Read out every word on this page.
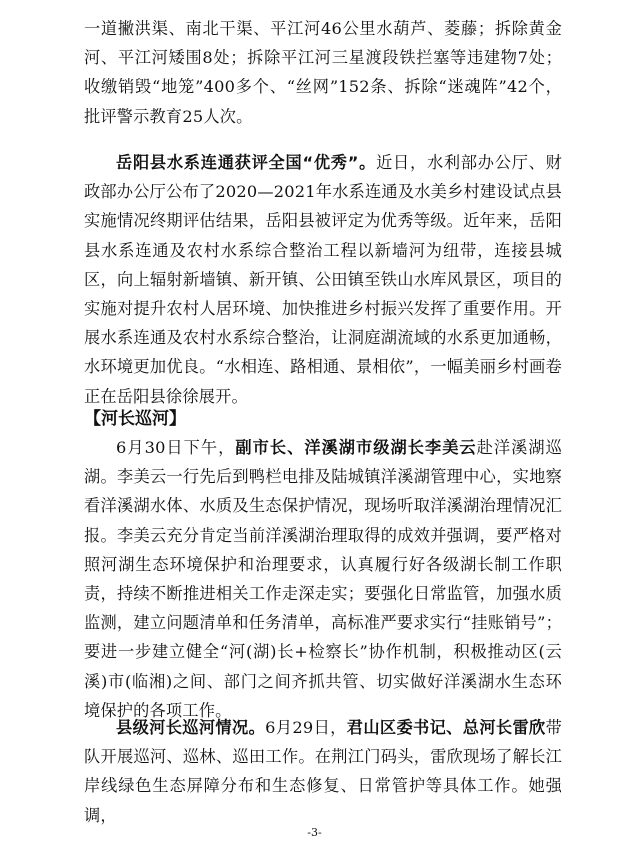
一道撇洪渠、南北干渠、平江河46公里水葫芦、菱藤；拆除黄金河、平江河矮围8处；拆除平江河三星渡段铁拦塞等违建物7处；收缴销毁“地笼”400多个、“丝网”152条、拆除“迷魂阵”42个，批评警示教育25人次。

岳阳县水系连通获评全国“优秀”。近日，水利部办公厅、财政部办公厅公布了2020—2021年水系连通及水美乡村建设试点县实施情况终期评估结果，岳阳县被评定为优秀等级。近年来，岳阳县水系连通及农村水系综合整治工程以新墙河为纽带，连接县城区，向上辐射新墙镇、新开镇、公田镇至铁山水库风景区，项目的实施对提升农村人居环境、加快推进乡村振兴发挥了重要作用。开展水系连通及农村水系综合整治，让洞庭湖流域的水系更加通畅，水环境更加优良。“水相连、路相通、景相依”，一幅美丽乡村画卷正在岳阳县徐徐展开。

【河长巡河】

6月30日下午，副市长、洋溪湖市级湖长李美云赴洋溪湖巡湖。李美云一行先后到鸭栏电排及陆城镇洋溪湖管理中心，实地察看洋溪湖水体、水质及生态保护情况，现场听取洋溪湖治理情况汇报。李美云充分肯定当前洋溪湖治理取得的成效并强调，要严格对照河湖生态环境保护和治理要求，认真履行好各级湖长制工作职责，持续不断推进相关工作走深走实；要强化日常监管，加强水质监测，建立问题清单和任务清单，高标准严要求实行“挂账销号”；要进一步建立健全“河(湖)长+检察长”协作机制，积极推动区(云溪)市(临湘)之间、部门之间齐抓共管、切实做好洋溪湖水生态环境保护的各项工作。

县级河长巡河情况。6月29日，君山区委书记、总河长雷欣带队开展巡河、巡林、巡田工作。在荆江门码头，雷欣现场了解长江岸线绿色生态屏障分布和生态修复、日常管护等具体工作。她强调，

-3-
